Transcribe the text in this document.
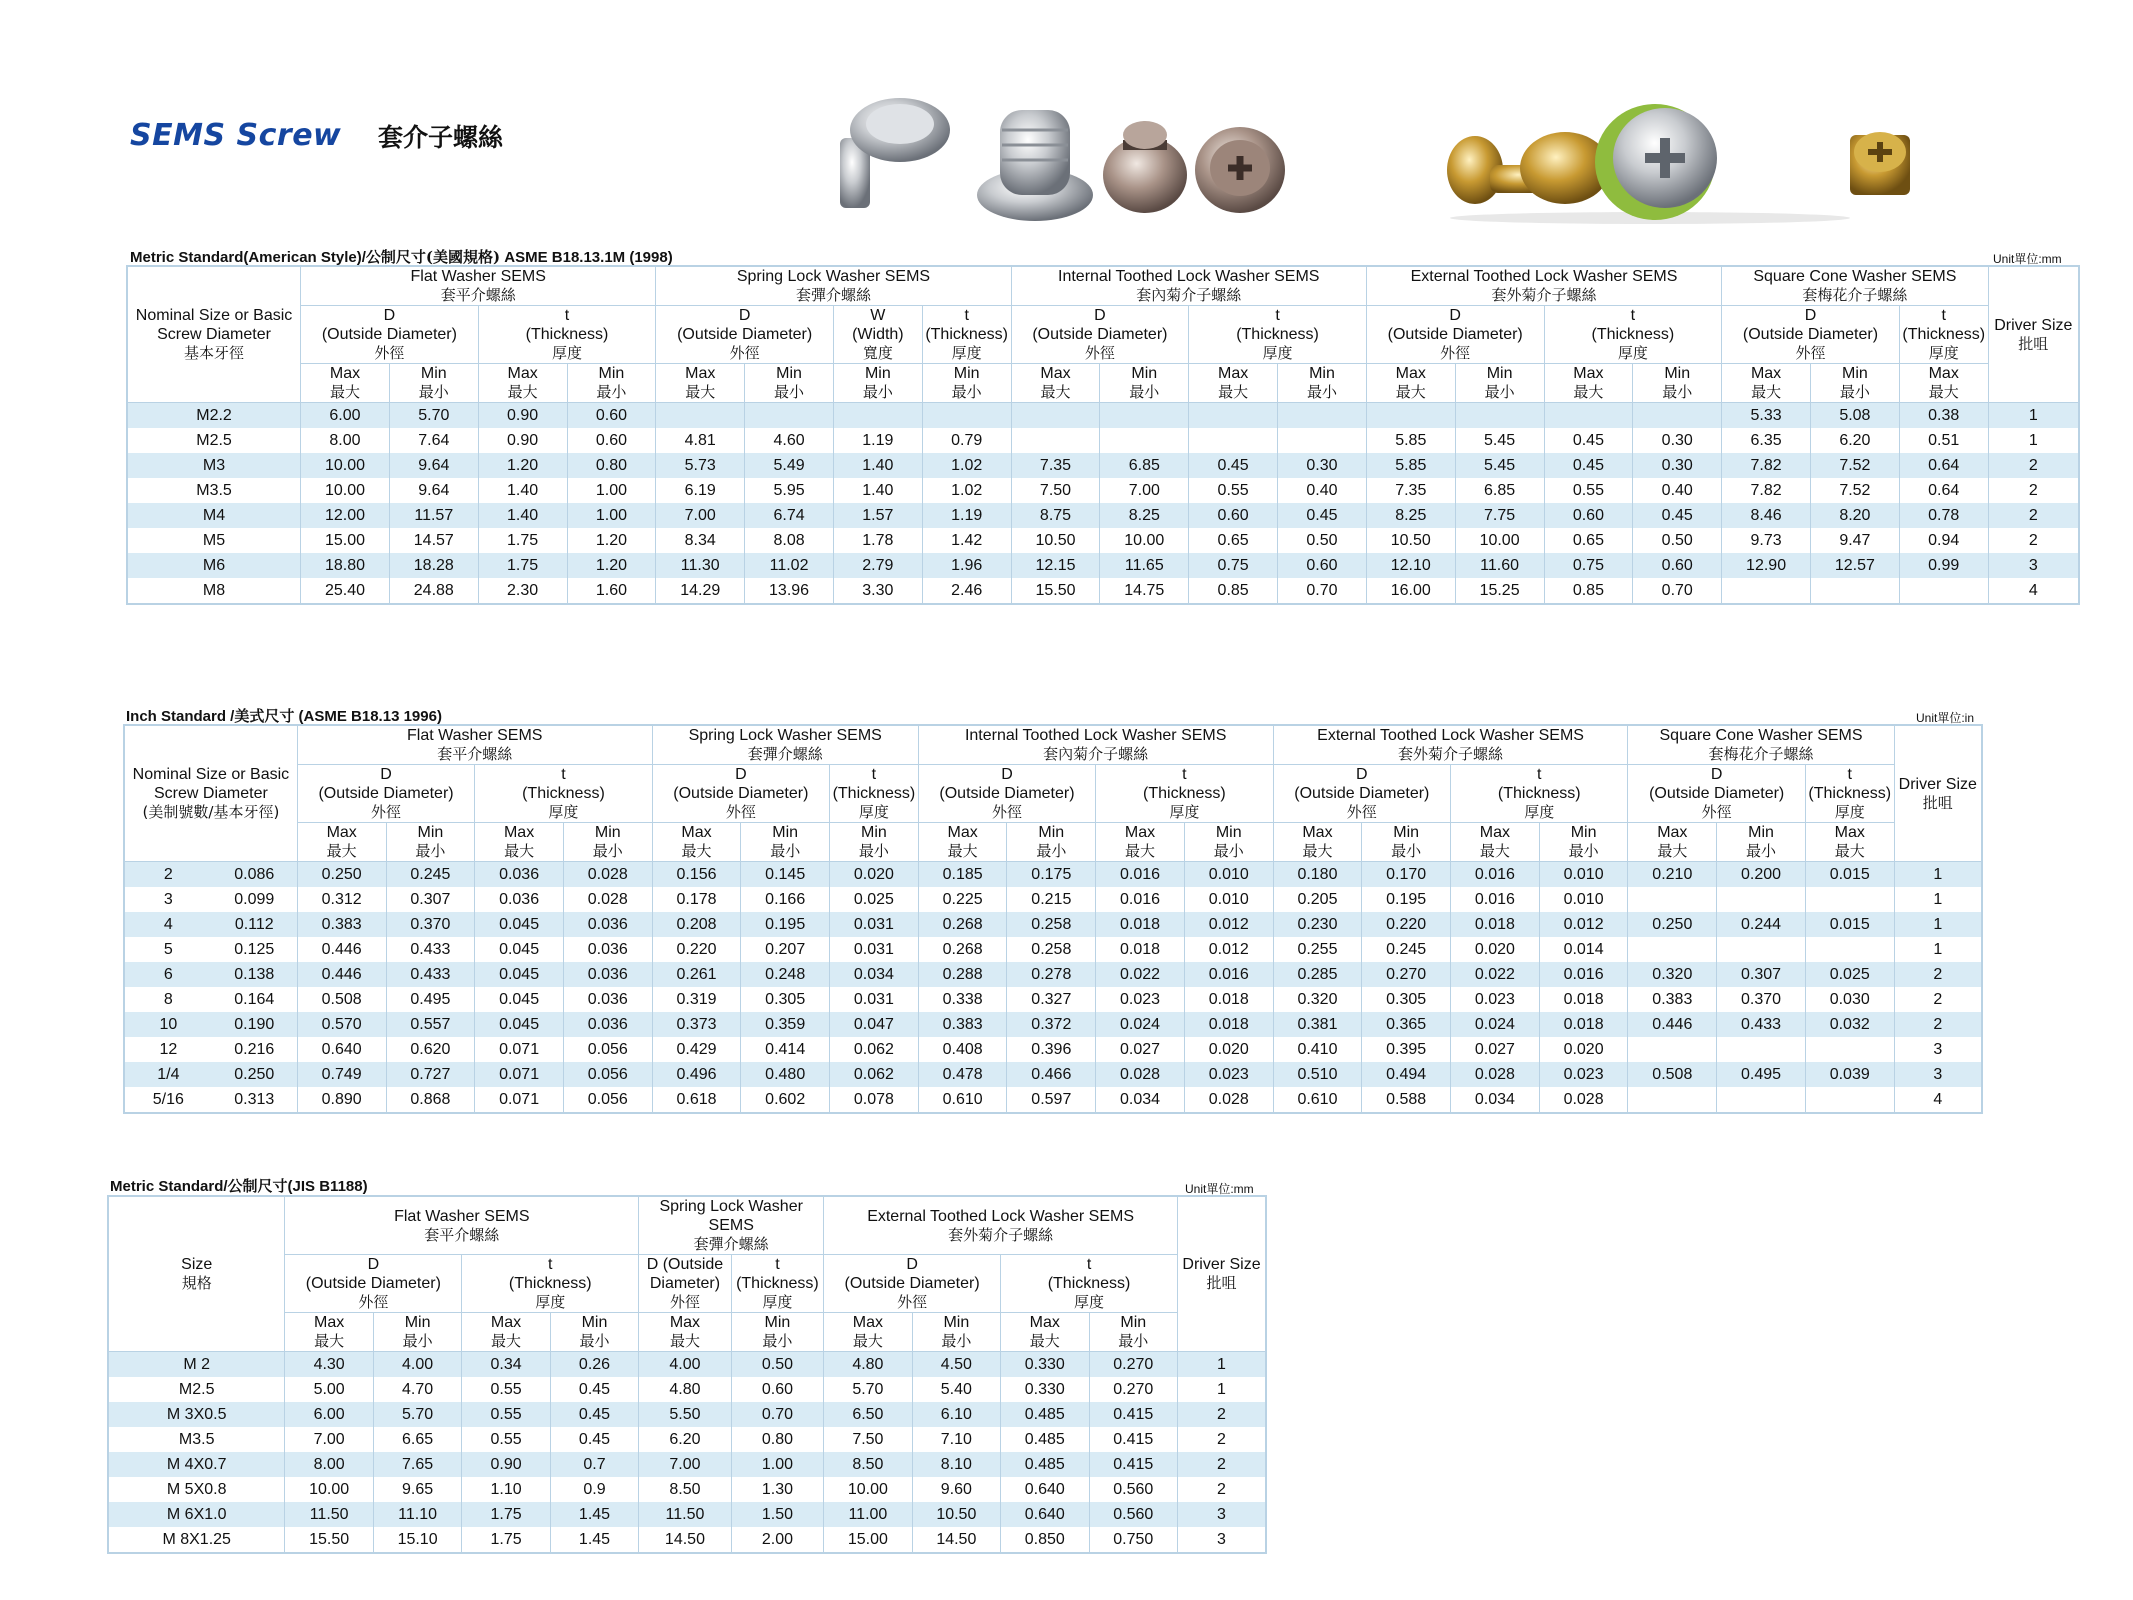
SEMS Screw 套介子螺絲
Metric Standard(American Style)/公制尺寸(美國規格) ASME B18.13.1M (1998)	Unit單位:mm
Nominal Size or Basic
Screw Diameter
基本牙徑	Flat Washer SEMS
套平介螺絲				Spring Lock Washer SEMS
套彈介螺絲				Internal Toothed Lock Washer SEMS
套內菊介子螺絲				External Toothed Lock Washer SEMS
套外菊介子螺絲				Square Cone Washer SEMS
套梅花介子螺絲			Driver Size
批咀

	D
(Outside Diameter)
外徑		t
(Thickness)
厚度		D
(Outside Diameter)
外徑		W
(Width)
寬度	t
(Thickness)
厚度	D
(Outside Diameter)
外徑		t
(Thickness)
厚度		D
(Outside Diameter)
外徑		t
(Thickness)
厚度		D
(Outside Diameter)
外徑		t
(Thickness)
厚度	

	Max
最大	Min
最小	Max
最大	Min
最小	Max
最大	Min
最小	Min
最小	Min
最小	Max
最大	Min
最小	Max
最大	Min
最小	Max
最大	Min
最小	Max
最大	Min
最小	Max
最大	Min
最小	Max
最大	

M2.2	6.00	5.70	0.90	0.60													5.33	5.08	0.38	1
M2.5	8.00	7.64	0.90	0.60	4.81	4.60	1.19	0.79					5.85	5.45	0.45	0.30	6.35	6.20	0.51	1
M3	10.00	9.64	1.20	0.80	5.73	5.49	1.40	1.02	7.35	6.85	0.45	0.30	5.85	5.45	0.45	0.30	7.82	7.52	0.64	2
M3.5	10.00	9.64	1.40	1.00	6.19	5.95	1.40	1.02	7.50	7.00	0.55	0.40	7.35	6.85	0.55	0.40	7.82	7.52	0.64	2
M4	12.00	11.57	1.40	1.00	7.00	6.74	1.57	1.19	8.75	8.25	0.60	0.45	8.25	7.75	0.60	0.45	8.46	8.20	0.78	2
M5	15.00	14.57	1.75	1.20	8.34	8.08	1.78	1.42	10.50	10.00	0.65	0.50	10.50	10.00	0.65	0.50	9.73	9.47	0.94	2
M6	18.80	18.28	1.75	1.20	11.30	11.02	2.79	1.96	12.15	11.65	0.75	0.60	12.10	11.60	0.75	0.60	12.90	12.57	0.99	3
M8	25.40	24.88	2.30	1.60	14.29	13.96	3.30	2.46	15.50	14.75	0.85	0.70	16.00	15.25	0.85	0.70				4
Inch Standard /美式尺寸 (ASME B18.13 1996)	Unit單位:in
Nominal Size or Basic
Screw Diameter
(美制號數/基本牙徑)		Flat Washer SEMS
套平介螺絲				Spring Lock Washer SEMS
套彈介螺絲			Internal Toothed Lock Washer SEMS
套內菊介子螺絲				External Toothed Lock Washer SEMS
套外菊介子螺絲				Square Cone Washer SEMS
套梅花介子螺絲			Driver Size
批咀

		D
(Outside Diameter)
外徑		t
(Thickness)
厚度		D
(Outside Diameter)
外徑		t
(Thickness)
厚度	D
(Outside Diameter)
外徑		t
(Thickness)
厚度		D
(Outside Diameter)
外徑		t
(Thickness)
厚度		D
(Outside Diameter)
外徑		t
(Thickness)
厚度	

		Max
最大	Min
最小	Max
最大	Min
最小	Max
最大	Min
最小	Min
最小	Max
最大	Min
最小	Max
最大	Min
最小	Max
最大	Min
最小	Max
最大	Min
最小	Max
最大	Min
最小	Max
最大	

2	0.086	0.250	0.245	0.036	0.028	0.156	0.145	0.020	0.185	0.175	0.016	0.010	0.180	0.170	0.016	0.010	0.210	0.200	0.015	1
3	0.099	0.312	0.307	0.036	0.028	0.178	0.166	0.025	0.225	0.215	0.016	0.010	0.205	0.195	0.016	0.010				1
4	0.112	0.383	0.370	0.045	0.036	0.208	0.195	0.031	0.268	0.258	0.018	0.012	0.230	0.220	0.018	0.012	0.250	0.244	0.015	1
5	0.125	0.446	0.433	0.045	0.036	0.220	0.207	0.031	0.268	0.258	0.018	0.012	0.255	0.245	0.020	0.014				1
6	0.138	0.446	0.433	0.045	0.036	0.261	0.248	0.034	0.288	0.278	0.022	0.016	0.285	0.270	0.022	0.016	0.320	0.307	0.025	2
8	0.164	0.508	0.495	0.045	0.036	0.319	0.305	0.031	0.338	0.327	0.023	0.018	0.320	0.305	0.023	0.018	0.383	0.370	0.030	2
10	0.190	0.570	0.557	0.045	0.036	0.373	0.359	0.047	0.383	0.372	0.024	0.018	0.381	0.365	0.024	0.018	0.446	0.433	0.032	2
12	0.216	0.640	0.620	0.071	0.056	0.429	0.414	0.062	0.408	0.396	0.027	0.020	0.410	0.395	0.027	0.020				3
1/4	0.250	0.749	0.727	0.071	0.056	0.496	0.480	0.062	0.478	0.466	0.028	0.023	0.510	0.494	0.028	0.023	0.508	0.495	0.039	3
5/16	0.313	0.890	0.868	0.071	0.056	0.618	0.602	0.078	0.610	0.597	0.034	0.028	0.610	0.588	0.034	0.028				4
Metric Standard/公制尺寸(JIS B1188)	Unit單位:mm
Size
規格	Flat Washer SEMS
套平介螺絲				Spring Lock Washer
SEMS
套彈介螺絲		External Toothed Lock Washer SEMS
套外菊介子螺絲				Driver Size
批咀

	D
(Outside Diameter)
外徑		t
(Thickness)
厚度		D (Outside
Diameter)
外徑	t
(Thickness)
厚度	D
(Outside Diameter)
外徑		t
(Thickness)
厚度		

	Max
最大	Min
最小	Max
最大	Min
最小	Max
最大	Min
最小	Max
最大	Min
最小	Max
最大	Min
最小	

M 2	4.30	4.00	0.34	0.26	4.00	0.50	4.80	4.50	0.330	0.270	1
M2.5	5.00	4.70	0.55	0.45	4.80	0.60	5.70	5.40	0.330	0.270	1
M 3X0.5	6.00	5.70	0.55	0.45	5.50	0.70	6.50	6.10	0.485	0.415	2
M3.5	7.00	6.65	0.55	0.45	6.20	0.80	7.50	7.10	0.485	0.415	2
M 4X0.7	8.00	7.65	0.90	0.7	7.00	1.00	8.50	8.10	0.485	0.415	2
M 5X0.8	10.00	9.65	1.10	0.9	8.50	1.30	10.00	9.60	0.640	0.560	2
M 6X1.0	11.50	11.10	1.75	1.45	11.50	1.50	11.00	10.50	0.640	0.560	3
M 8X1.25	15.50	15.10	1.75	1.45	14.50	2.00	15.00	14.50	0.850	0.750	3
